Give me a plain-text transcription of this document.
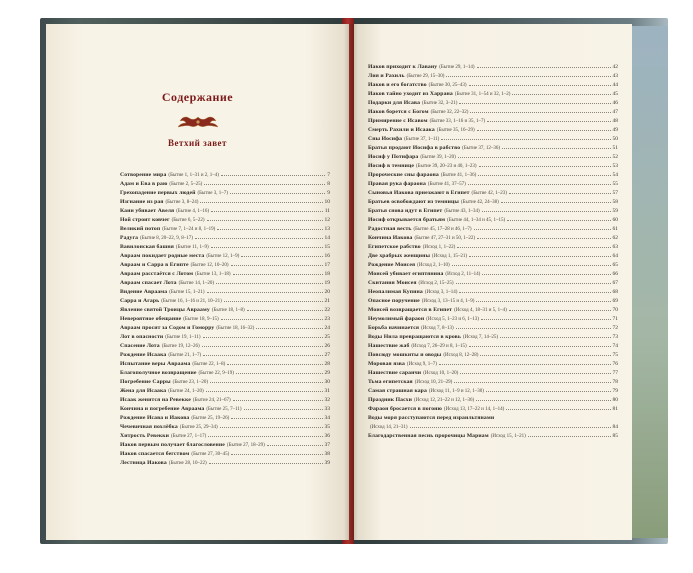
Содержание
Ветхий завет
Сотворение мира (Бытие 1, 1–31 и 2, 1–4)	7
Адам и Ева в раю (Бытие 2, 5–25)	8
Грехопадение первых людей (Бытие 3, 1–7)	9
Изгнание из рая (Бытие 3, 8–24)	10
Каин убивает Авеля (Бытие 4, 1–16)	11
Ной строит ковчег (Бытие 6, 5–22)	12
Великий потоп (Бытие 7, 1–24 и 8, 1–19)	13
Радуга (Бытие 8, 20–22, 9, 8–17)	14
Вавилонская башня (Бытие 11, 1–9)	15
Авраам покидает родные места (Бытие 12, 1–9)	16
Авраам и Сарра в Египте (Бытие 12, 10–20)	17
Авраам расстаётся с Лотом (Бытие 13, 1–18)	18
Авраам спасает Лота (Бытие 14, 1–20)	19
Видение Авраама (Бытие 15, 1–21)	20
Сарра и Агарь (Бытие 16, 1–16 и 21, 10–21)	21
Явление святой Троицы Аврааму (Бытие 18, 1–8)	22
Невероятное обещание (Бытие 18, 9–15)	23
Авраам просит за Содом и Гоморру (Бытие 18, 16–32)	24
Лот в опасности (Бытие 19, 1–11)	25
Спасение Лота (Бытие 19, 12–26)	26
Рождение Исаака (Бытие 21, 1–7)	27
Испытание веры Авраама (Бытие 22, 1–8)	28
Благополучное возвращение (Бытие 22, 9–19)	29
Погребение Сарры (Бытие 23, 1–20)	30
Жена для Исаака (Бытие 24, 1–20)	31
Исаак женится на Ревекке (Бытие 24, 21–67)	32
Кончина и погребение Авраама (Бытие 25, 7–11)	33
Рождение Исава и Иакова (Бытие 25, 19–26)	34
Чечевичная похлёбка (Бытие 25, 29–34)	35
Хитрость Ревекки (Бытие 27, 1–17)	36
Иаков первым получает благословение (Бытие 27, 18–29)	37
Иаков спасается бегством (Бытие 27, 30–45)	38
Лестница Иакова (Бытие 28, 10–22)	39
Иаков приходит к Лавану (Бытие 29, 1–14)	42
Лия и Рахиль (Бытие 29, 15–30)	43
Иаков и его богатство (Бытие 30, 25–43)	44
Иаков тайно уходит из Харрана (Бытие 31, 1–54 и 32, 1–2)	45
Подарки для Исава (Бытие 32, 3–21)	46
Иаков борется с Богом (Бытие 32, 22–32)	47
Примирение с Исавом (Бытие 33, 1–16 и 35, 1–7)	48
Смерть Рахили и Исаака (Бытие 35, 16–29)	49
Сны Иосифа (Бытие 37, 1–11)	50
Братья продают Иосифа в рабство (Бытие 37, 12–36)	51
Иосиф у Потифара (Бытие 39, 1–20)	52
Иосиф в темнице (Бытие 39, 20–23 и 40, 1–23)	53
Пророческие сны фараона (Бытие 41, 1–36)	54
Правая рука фараона (Бытие 41, 37–57)	55
Сыновья Иакова приезжают в Египет (Бытие 42, 1–23)	57
Братьев освобождают из темницы (Бытие 42, 24–38)	58
Братья снова идут в Египет (Бытие 43, 1–34)	59
Иосиф открывается братьям (Бытие 44, 1–34 и 45, 1–15)	60
Радостная весть (Бытие 45, 17–28 и 46, 1–7)	61
Кончина Иакова (Бытие 47, 27–31 и 50, 1–22)	62
Египетское рабство (Исход 1, 1–22)	63
Две храбрых женщины (Исход 1, 15–21)	64
Рождение Моисея (Исход 2, 1–10)	65
Моисей убивает египтянина (Исход 2, 11–14)	66
Скитания Моисея (Исход 2, 15–25)	67
Неопалимая Купина (Исход 3, 1–14)	68
Опасное поручение (Исход 3, 13–15 и 4, 1–9)	69
Моисей возвращается в Египет (Исход 4, 18–31 и 5, 1–4)	70
Неумолимый фараон (Исход 5, 1–23 и 6, 1–13)	71
Борьба начинается (Исход 7, 8–13)	72
Воды Нила превращаются в кровь (Исход 7, 14–25)	73
Нашествие жаб (Исход 7, 26–29 и 8, 1–15)	74
Повсюду мошкиты и оводы (Исход 8, 12–28)	75
Моровая язва (Исход 9, 1–7)	76
Нашествие саранчи (Исход 10, 1–20)	77
Тьма египетская (Исход 10, 21–29)	78
Самая страшная кара (Исход 11, 1–9 и 12, 1–30)	79
Праздник Пасхи (Исход 12, 21–22 и 12, 1–36)	80
Фараон бросается в погоню (Исход 13, 17–22 и 14, 1–14)	81
Воды моря расступаются перед израильтянами
(Исход 14, 21–31)	84
Благодарственная песнь пророчицы Мариам (Исход 15, 1–21)	85
